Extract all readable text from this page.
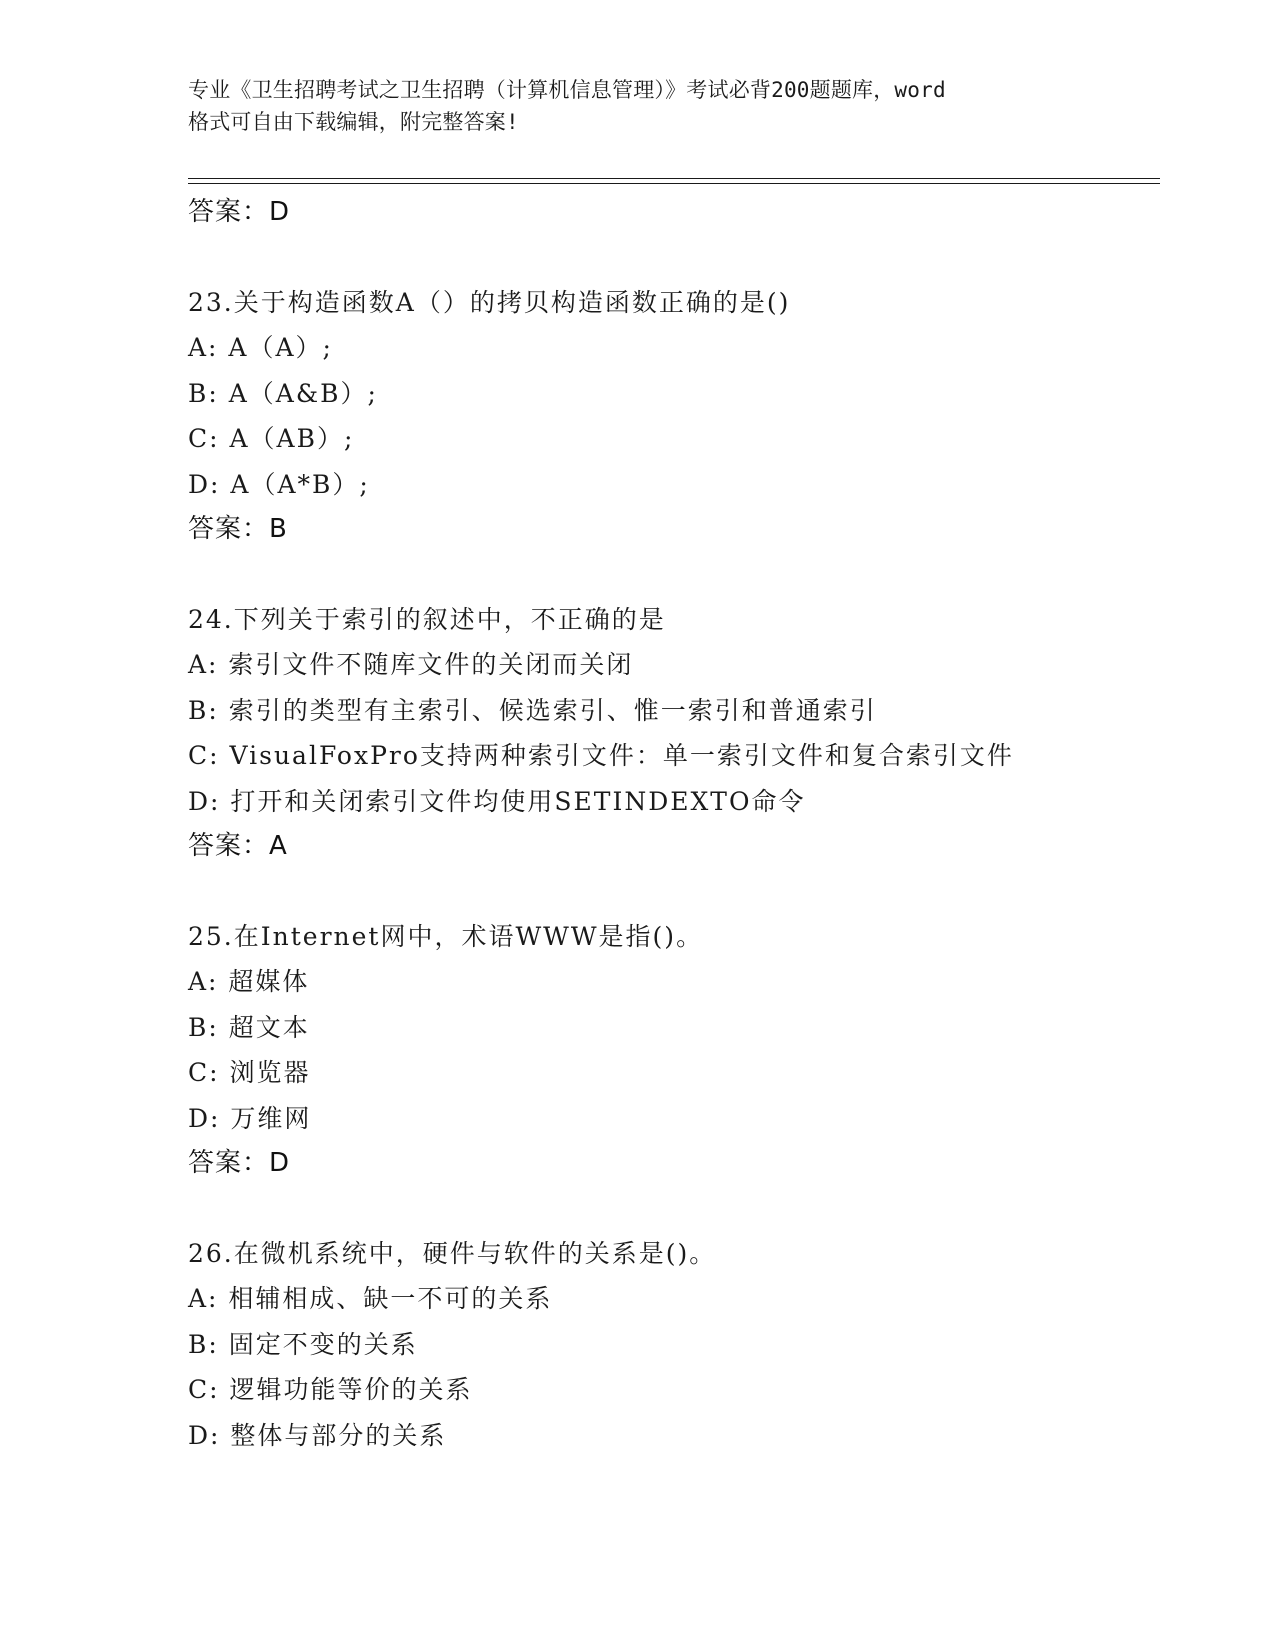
专业《卫生招聘考试之卫生招聘（计算机信息管理）》考试必背200题题库，word
格式可自由下载编辑，附完整答案!
答案：D
23.关于构造函数A（）的拷贝构造函数正确的是()
A: A（A）;
B: A（A&B）;
C: A（AB）;
D: A（A*B）;
答案：B
24.下列关于索引的叙述中，不正确的是
A: 索引文件不随库文件的关闭而关闭
B: 索引的类型有主索引、候选索引、惟一索引和普通索引
C: VisualFoxPro支持两种索引文件：单一索引文件和复合索引文件
D: 打开和关闭索引文件均使用SETINDEXTO命令
答案：A
25.在Internet网中，术语WWW是指()。
A: 超媒体
B: 超文本
C: 浏览器
D: 万维网
答案：D
26.在微机系统中，硬件与软件的关系是()。
A: 相辅相成、缺一不可的关系
B: 固定不变的关系
C: 逻辑功能等价的关系
D: 整体与部分的关系
